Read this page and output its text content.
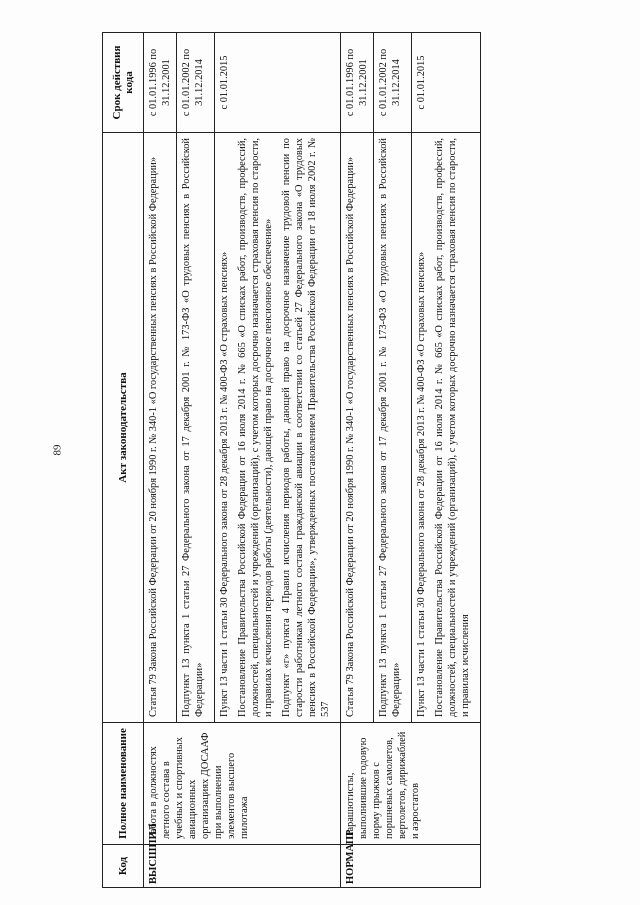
89
Код	Полное наименование	Акт законодательства	Срок действия кода
ВЫСШПИЛ	Работа в должностях летного состава в учебных и спортивных авиационных организациях ДОСААФ при выполнении элементов высшего пилотажа	Статья 79 Закона Российской Федерации от 20 ноября 1990 г. № 340-1 «О государственных пенсиях в Российской Федерации»	с 01.01.1996 по 31.12.2001

		Подпункт 13 пункта 1 статьи 27 Федерального закона от 17 декабря 2001 г. № 173-ФЗ «О трудовых пенсиях в Российской Федерации»	с 01.01.2002 по 31.12.2014

		Пункт 13 части 1 статьи 30 Федерального закона от 28 декабря 2013 г. № 400-ФЗ «О страховых пенсиях» Постановление Правительства Российской Федерации от 16 июля 2014 г. № 665 «О списках работ, производств, профессий, должностей, специальностей и учреждений (организаций), с учетом которых досрочно назначается страховая пенсия по старости, и правилах исчисления периодов работы (деятельности), дающей право на досрочное пенсионное обеспечение» Подпункт «г» пункта 4 Правил исчисления периодов работы, дающей право на досрочное назначение трудовой пенсии по старости работникам летного состава гражданской авиации в соответствии со статьей 27 Федерального закона «О трудовых пенсиях в Российской Федерации», утвержденных постановлением Правительства Российской Федерации от 18 июля 2002 г. № 537	с 01.01.2015
НОРМАПР	Парашютисты, выполнившие годовую норму прыжков с поршневых самолетов, вертолетов, дирижаблей и аэростатов	Статья 79 Закона Российской Федерации от 20 ноября 1990 г. № 340-1 «О государственных пенсиях в Российской Федерации»	с 01.01.1996 по 31.12.2001

		Подпункт 13 пункта 1 статьи 27 Федерального закона от 17 декабря 2001 г. № 173-ФЗ «О трудовых пенсиях в Российской Федерации»	с 01.01.2002 по 31.12.2014

		Пункт 13 части 1 статьи 30 Федерального закона от 28 декабря 2013 г. № 400-ФЗ «О страховых пенсиях» Постановление Правительства Российской Федерации от 16 июля 2014 г. № 665 «О списках работ, производств, профессий, должностей, специальностей и учреждений (организаций), с учетом которых досрочно назначается страховая пенсия по старости, и правилах исчисления	с 01.01.2015
